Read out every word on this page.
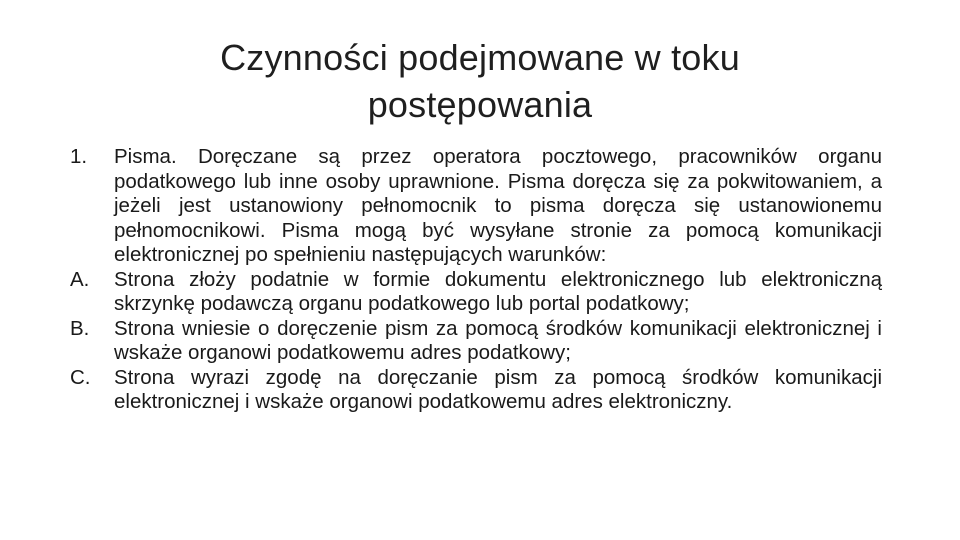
Czynności podejmowane w toku postępowania
1.	Pisma. Doręczane są przez operatora pocztowego, pracowników organu podatkowego lub inne osoby uprawnione. Pisma doręcza się za pokwitowaniem, a jeżeli jest ustanowiony pełnomocnik to pisma doręcza się ustanowionemu pełnomocnikowi. Pisma mogą być wysyłane stronie za pomocą komunikacji elektronicznej po spełnieniu następujących warunków:
A.	Strona złoży podatnie w formie dokumentu elektronicznego lub elektroniczną skrzynkę podawczą organu podatkowego lub portal podatkowy;
B.	Strona wniesie o doręczenie pism za pomocą środków komunikacji elektronicznej i wskaże organowi podatkowemu adres podatkowy;
C.	Strona wyrazi zgodę na doręczanie pism za pomocą środków komunikacji elektronicznej i wskaże organowi podatkowemu adres elektroniczny.
